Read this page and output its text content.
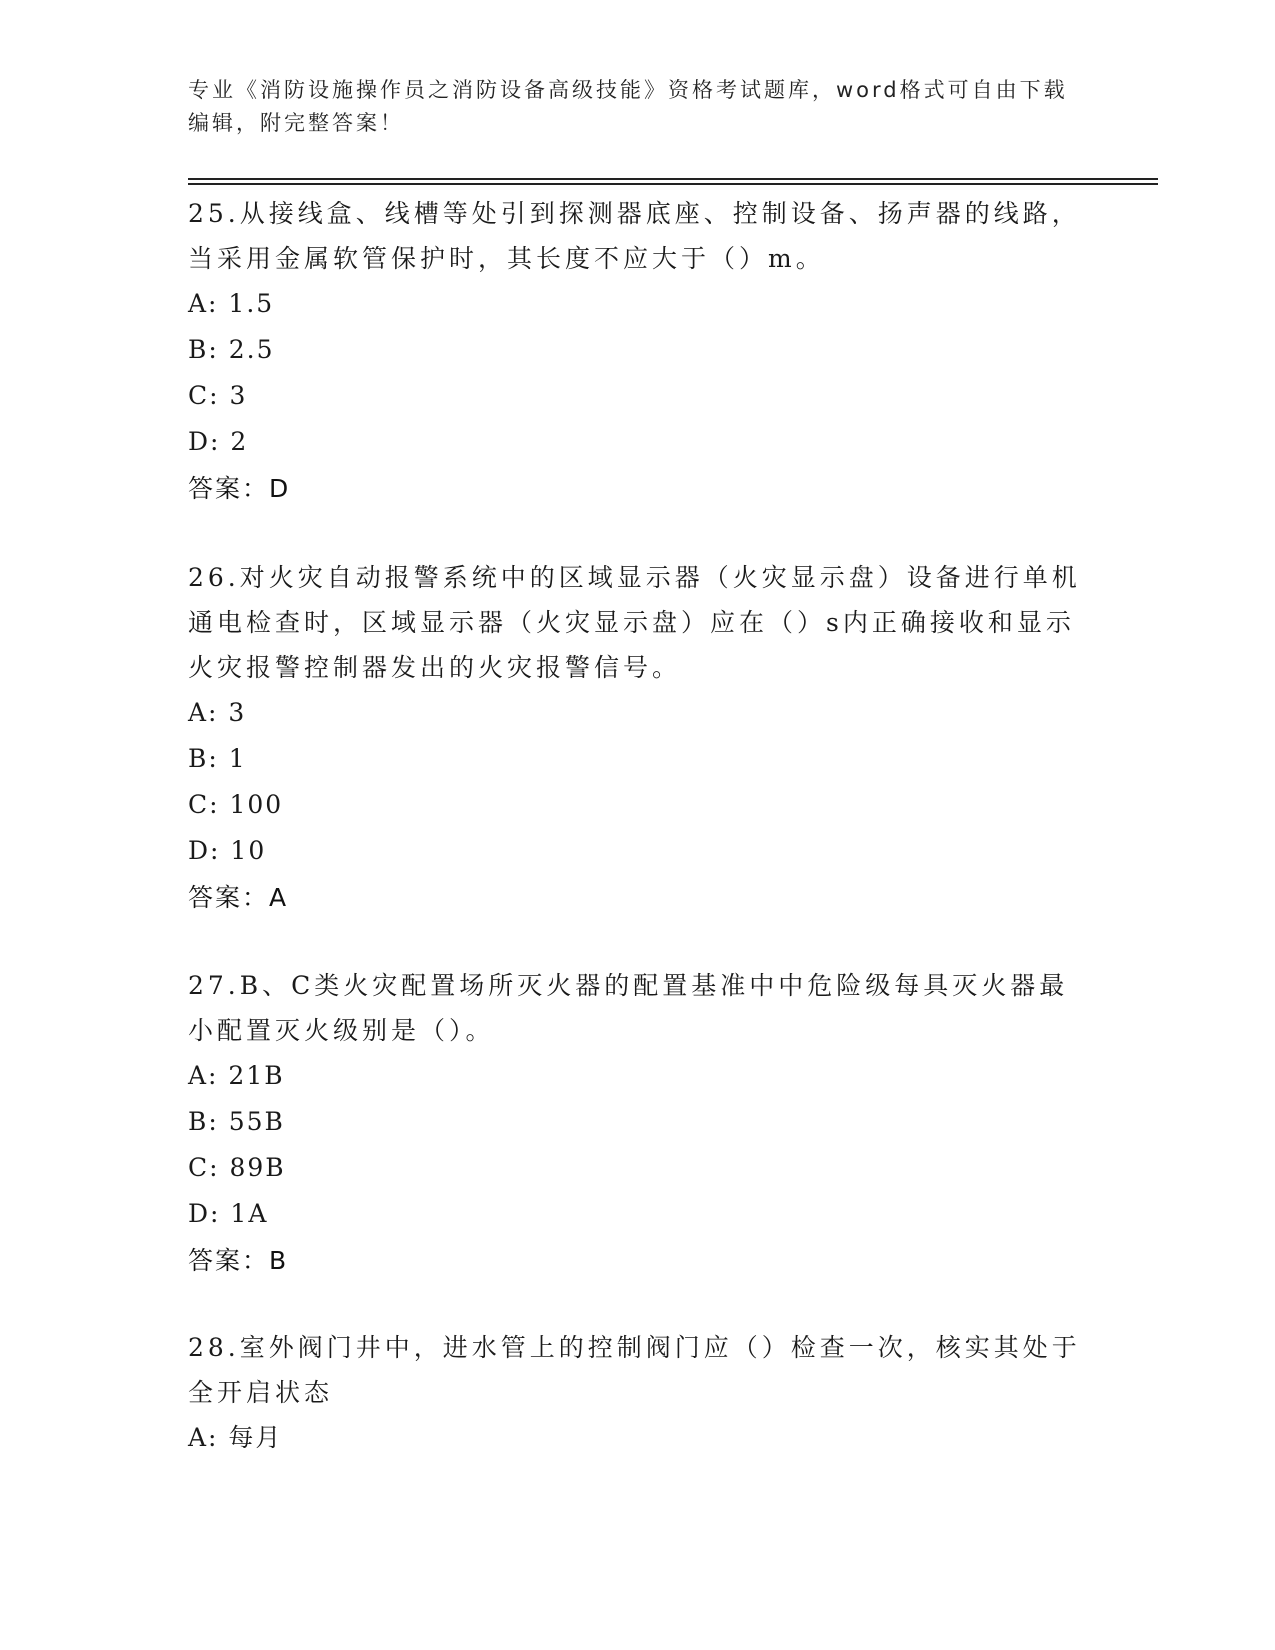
专业《消防设施操作员之消防设备高级技能》资格考试题库，word格式可自由下载编辑，附完整答案！
25.从接线盒、线槽等处引到探测器底座、控制设备、扬声器的线路，当采用金属软管保护时，其长度不应大于（）m。
A: 1.5
B: 2.5
C: 3
D: 2
答案：D
26.对火灾自动报警系统中的区域显示器（火灾显示盘）设备进行单机通电检查时，区域显示器（火灾显示盘）应在（）s内正确接收和显示火灾报警控制器发出的火灾报警信号。
A: 3
B: 1
C: 100
D: 10
答案：A
27.B、C类火灾配置场所灭火器的配置基准中中危险级每具灭火器最小配置灭火级别是（）。
A: 21B
B: 55B
C: 89B
D: 1A
答案：B
28.室外阀门井中，进水管上的控制阀门应（）检查一次，核实其处于全开启状态
A: 每月
